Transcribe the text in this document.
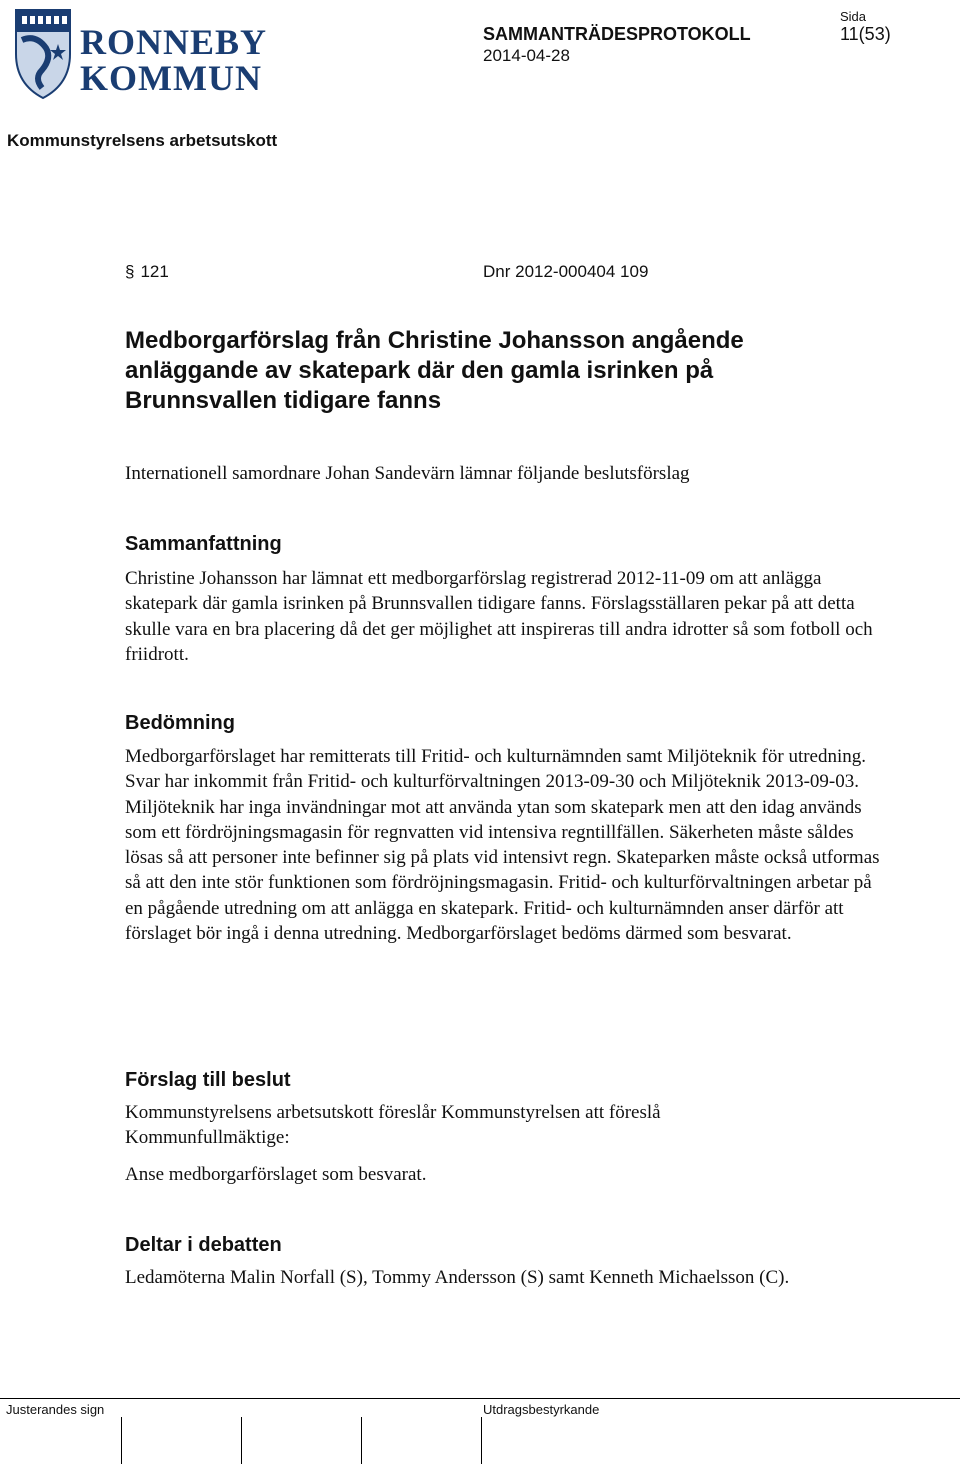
RONNEBY
KOMMUN
SAMMANTRÄDESPROTOKOLL
2014-04-28
Sida
11(53)
Kommunstyrelsens arbetsutskott
§ 121	Dnr 2012-000404 109
Medborgarförslag från Christine Johansson angående anläggande av skatepark där den gamla isrinken på Brunnsvallen tidigare fanns

Internationell samordnare Johan Sandevärn lämnar följande beslutsförslag

Sammanfattning

Christine Johansson har lämnat ett medborgarförslag registrerad 2012-11-09 om att anlägga skatepark där gamla isrinken på Brunnsvallen tidigare fanns. Förslagsställaren pekar på att detta skulle vara en bra placering då det ger möjlighet att inspireras till andra idrotter så som fotboll och friidrott.

Bedömning

Medborgarförslaget har remitterats till Fritid- och kulturnämnden samt Miljöteknik för utredning. Svar har inkommit från Fritid- och kulturförvaltningen 2013-09-30 och Miljöteknik 2013-09-03. Miljöteknik har inga invändningar mot att använda ytan som skatepark men att den idag används som ett fördröjningsmagasin för regnvatten vid intensiva regntillfällen. Säkerheten måste såldes lösas så att personer inte befinner sig på plats vid intensivt regn. Skateparken måste också utformas så att den inte stör funktionen som fördröjningsmagasin. Fritid- och kulturförvaltningen arbetar på en pågående utredning om att anlägga en skatepark. Fritid- och kulturnämnden anser därför att förslaget bör ingå i denna utredning. Medborgarförslaget bedöms därmed som besvarat.

Förslag till beslut

Kommunstyrelsens arbetsutskott föreslår Kommunstyrelsen att föreslå Kommunfullmäktige:

Anse medborgarförslaget som besvarat.

Deltar i debatten

Ledamöterna Malin Norfall (S), Tommy Andersson (S) samt Kenneth Michaelsson (C).

Justerandes sign	Utdragsbestyrkande
